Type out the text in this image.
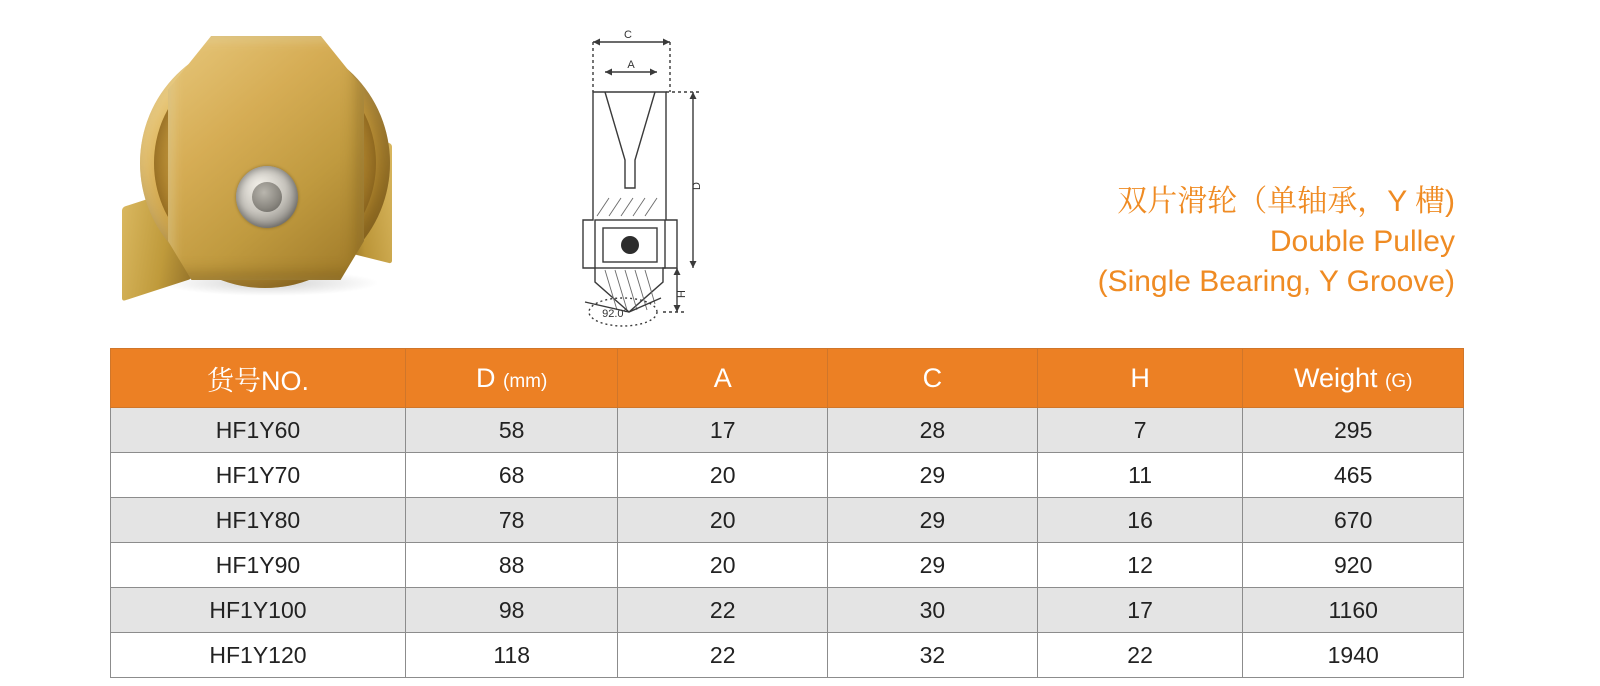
C
A
D
H
92.0°
双片滑轮（单轴承，Y 槽)
Double Pulley
(Single Bearing, Y Groove)
货号NO.	D (mm)	A	C	H	Weight (G)
HF1Y60	58	17	28	7	295
HF1Y70	68	20	29	11	465
HF1Y80	78	20	29	16	670
HF1Y90	88	20	29	12	920
HF1Y100	98	22	30	17	1160
HF1Y120	118	22	32	22	1940
